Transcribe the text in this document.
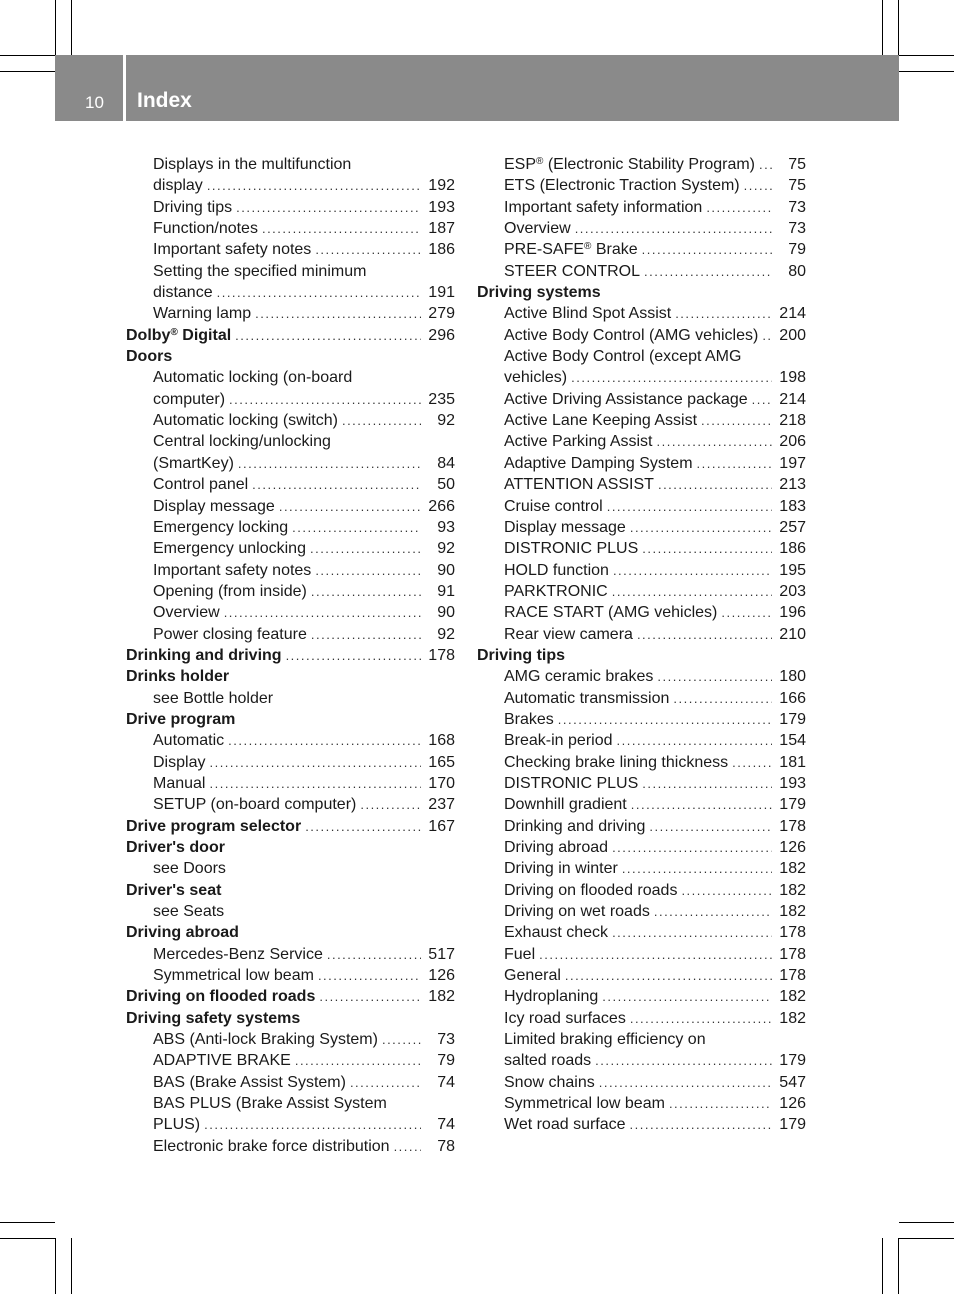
10 Index
Displays in the multifunction
display .....	192
Driving tips .....	193
Function/notes .....	187
Important safety notes .....	186
Setting the specified minimum
distance .....	191
Warning lamp .....	279
Dolby® Digital .....	296
Doors
Automatic locking (on-board
computer) .....	235
Automatic locking (switch) .....	92
Central locking/unlocking
(SmartKey) .....	84
Control panel .....	50
Display message .....	266
Emergency locking .....	93
Emergency unlocking .....	92
Important safety notes .....	90
Opening (from inside) .....	91
Overview .....	90
Power closing feature .....	92
Drinking and driving .....	178
Drinks holder
see Bottle holder
Drive program
Automatic .....	168
Display .....	165
Manual .....	170
SETUP (on-board computer) .....	237
Drive program selector .....	167
Driver's door
see Doors
Driver's seat
see Seats
Driving abroad
Mercedes-Benz Service .....	517
Symmetrical low beam .....	126
Driving on flooded roads .....	182
Driving safety systems
ABS (Anti-lock Braking System) .....	73
ADAPTIVE BRAKE .....	79
BAS (Brake Assist System) .....	74
BAS PLUS (Brake Assist System
PLUS) .....	74
Electronic brake force distribution .....	78
ESP® (Electronic Stability Program) .....	75
ETS (Electronic Traction System) .....	75
Important safety information .....	73
Overview .....	73
PRE-SAFE® Brake .....	79
STEER CONTROL .....	80
Driving systems
Active Blind Spot Assist .....	214
Active Body Control (AMG vehicles) ..... 200
Active Body Control (except AMG
vehicles) .....	198
Active Driving Assistance package ..... 214
Active Lane Keeping Assist .....	218
Active Parking Assist .....	206
Adaptive Damping System .....	197
ATTENTION ASSIST .....	213
Cruise control .....	183
Display message .....	257
DISTRONIC PLUS .....	186
HOLD function .....	195
PARKTRONIC .....	203
RACE START (AMG vehicles) .....	196
Rear view camera .....	210
Driving tips
AMG ceramic brakes .....	180
Automatic transmission .....	166
Brakes .....	179
Break-in period .....	154
Checking brake lining thickness .....	181
DISTRONIC PLUS .....	193
Downhill gradient .....	179
Drinking and driving .....	178
Driving abroad .....	126
Driving in winter .....	182
Driving on flooded roads .....	182
Driving on wet roads .....	182
Exhaust check .....	178
Fuel .....	178
General .....	178
Hydroplaning .....	182
Icy road surfaces .....	182
Limited braking efficiency on
salted roads .....	179
Snow chains .....	547
Symmetrical low beam .....	126
Wet road surface .....	179
